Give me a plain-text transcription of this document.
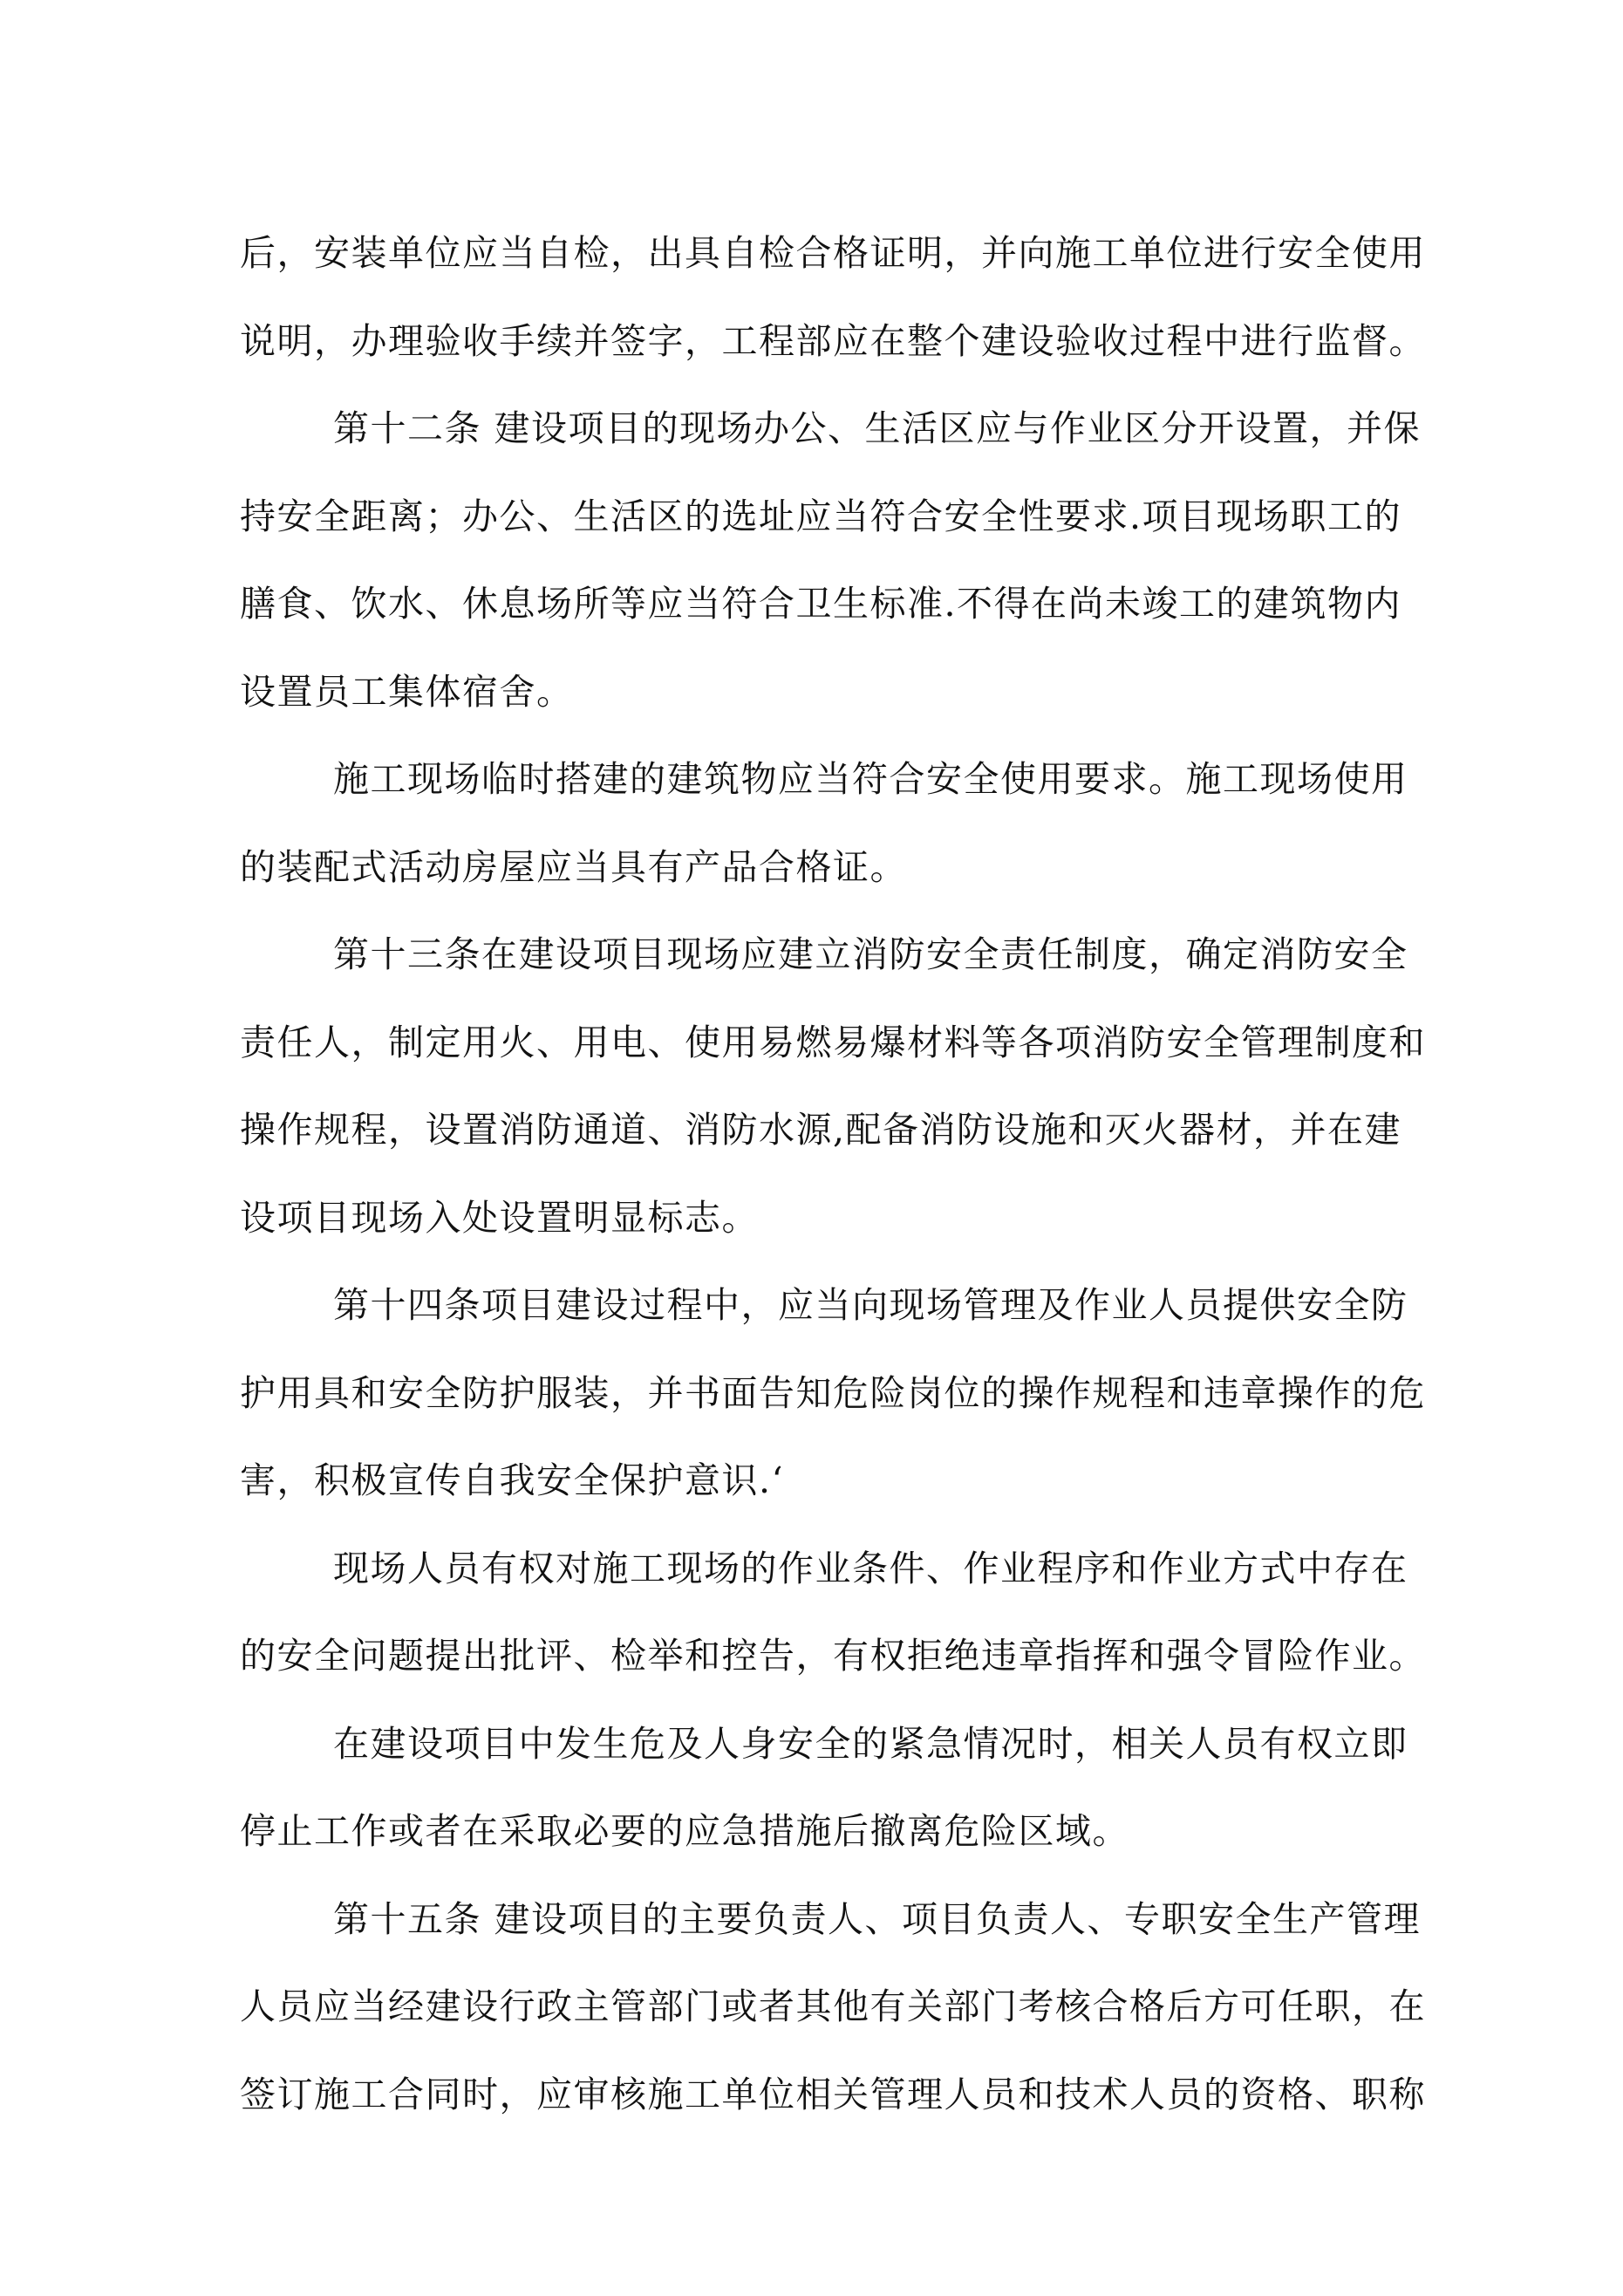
后，安装单位应当自检，出具自检合格证明，并向施工单位进行安全使用
说明，办理验收手续并签字，工程部应在整个建设验收过程中进行监督。
第十二条 建设项目的现场办公、生活区应与作业区分开设置，并保
持安全距离；办公、生活区的选址应当符合安全性要求.项目现场职工的
膳食、饮水、休息场所等应当符合卫生标准.不得在尚未竣工的建筑物内
设置员工集体宿舍。
施工现场临时搭建的建筑物应当符合安全使用要求。施工现场使用
的装配式活动房屋应当具有产品合格证。
第十三条在建设项目现场应建立消防安全责任制度，确定消防安全
责任人，制定用火、用电、使用易燃易爆材料等各项消防安全管理制度和
操作规程，设置消防通道、消防水源,配备消防设施和灭火器材，并在建
设项目现场入处设置明显标志。
第十四条项目建设过程中，应当向现场管理及作业人员提供安全防
护用具和安全防护服装，并书面告知危险岗位的操作规程和违章操作的危
害，积极宣传自我安全保护意识.‘
现场人员有权对施工现场的作业条件、作业程序和作业方式中存在
的安全问题提出批评、检举和控告，有权拒绝违章指挥和强令冒险作业。
在建设项目中发生危及人身安全的紧急情况时，相关人员有权立即
停止工作或者在采取必要的应急措施后撤离危险区域。
第十五条 建设项目的主要负责人、项目负责人、专职安全生产管理
人员应当经建设行政主管部门或者其他有关部门考核合格后方可任职，在
签订施工合同时，应审核施工单位相关管理人员和技术人员的资格、职称
